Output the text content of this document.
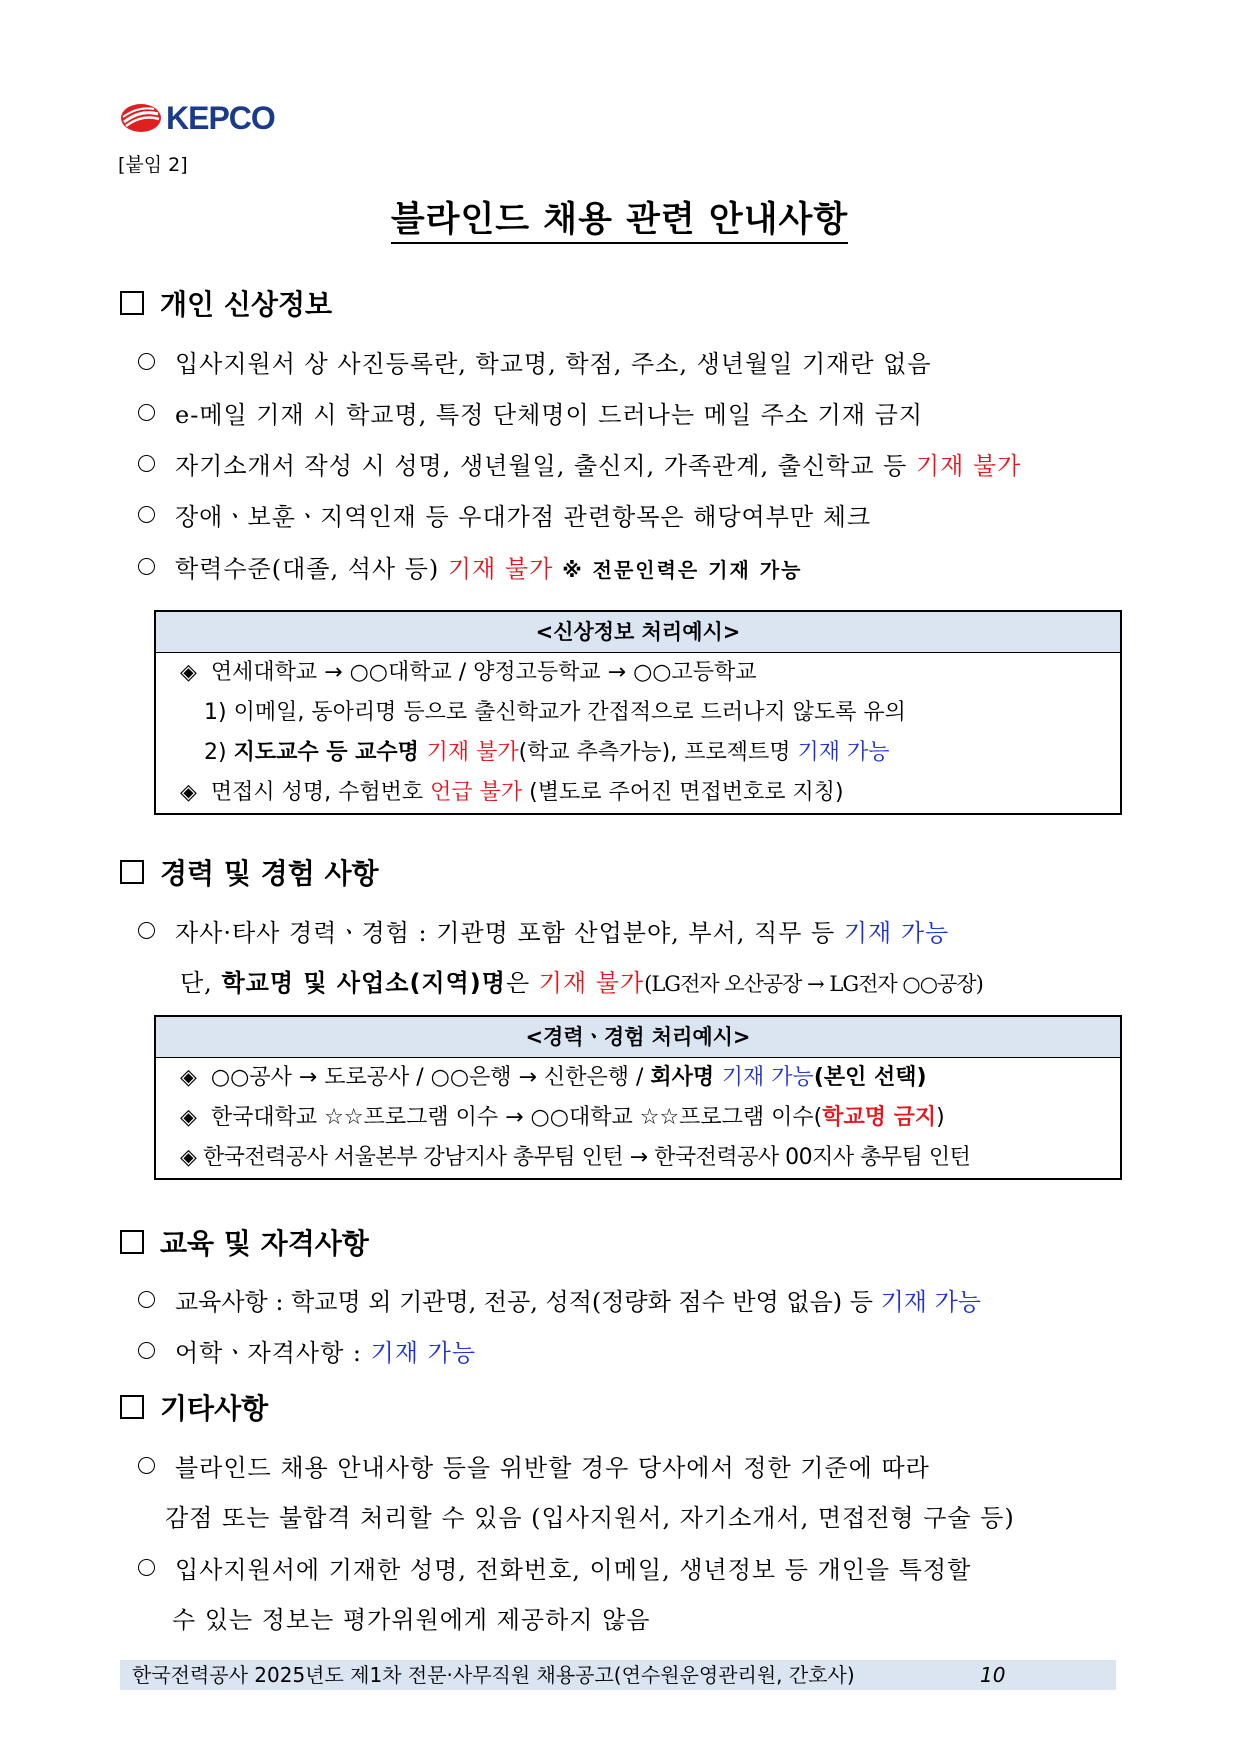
KEPCO
[붙임 2]
블라인드 채용 관련 안내사항
개인 신상정보
입사지원서 상 사진등록란, 학교명, 학점, 주소, 생년월일 기재란 없음
e-메일 기재 시 학교명, 특정 단체명이 드러나는 메일 주소 기재 금지
자기소개서 작성 시 성명, 생년월일, 출신지, 가족관계, 출신학교 등 기재 불가
장애ㆍ보훈ㆍ지역인재 등 우대가점 관련항목은 해당여부만 체크
학력수준(대졸, 석사 등) 기재 불가 ※ 전문인력은 기재 가능
<신상정보 처리예시>
◈ 연세대학교 → ○○대학교 / 양정고등학교 → ○○고등학교
1) 이메일, 동아리명 등으로 출신학교가 간접적으로 드러나지 않도록 유의
2) 지도교수 등 교수명 기재 불가(학교 추측가능), 프로젝트명 기재 가능
◈ 면접시 성명, 수험번호 언급 불가 (별도로 주어진 면접번호로 지칭)
경력 및 경험 사항
자사·타사 경력ㆍ경험 : 기관명 포함 산업분야, 부서, 직무 등 기재 가능
단, 학교명 및 사업소(지역)명은 기재 불가(LG전자 오산공장 → LG전자 ○○공장)
<경력ㆍ경험 처리예시>
◈ ○○공사 → 도로공사 / ○○은행 → 신한은행 / 회사명 기재 가능(본인 선택)
◈ 한국대학교 ☆☆프로그램 이수 → ○○대학교 ☆☆프로그램 이수(학교명 금지)
◈ 한국전력공사 서울본부 강남지사 총무팀 인턴 → 한국전력공사 00지사 총무팀 인턴
교육 및 자격사항
교육사항 : 학교명 외 기관명, 전공, 성적(정량화 점수 반영 없음) 등 기재 가능
어학ㆍ자격사항 : 기재 가능
기타사항
블라인드 채용 안내사항 등을 위반할 경우 당사에서 정한 기준에 따라
감점 또는 불합격 처리할 수 있음 (입사지원서, 자기소개서, 면접전형 구술 등)
입사지원서에 기재한 성명, 전화번호, 이메일, 생년정보 등 개인을 특정할
수 있는 정보는 평가위원에게 제공하지 않음
한국전력공사 2025년도 제1차 전문·사무직원 채용공고(연수원운영관리원, 간호사)	10
